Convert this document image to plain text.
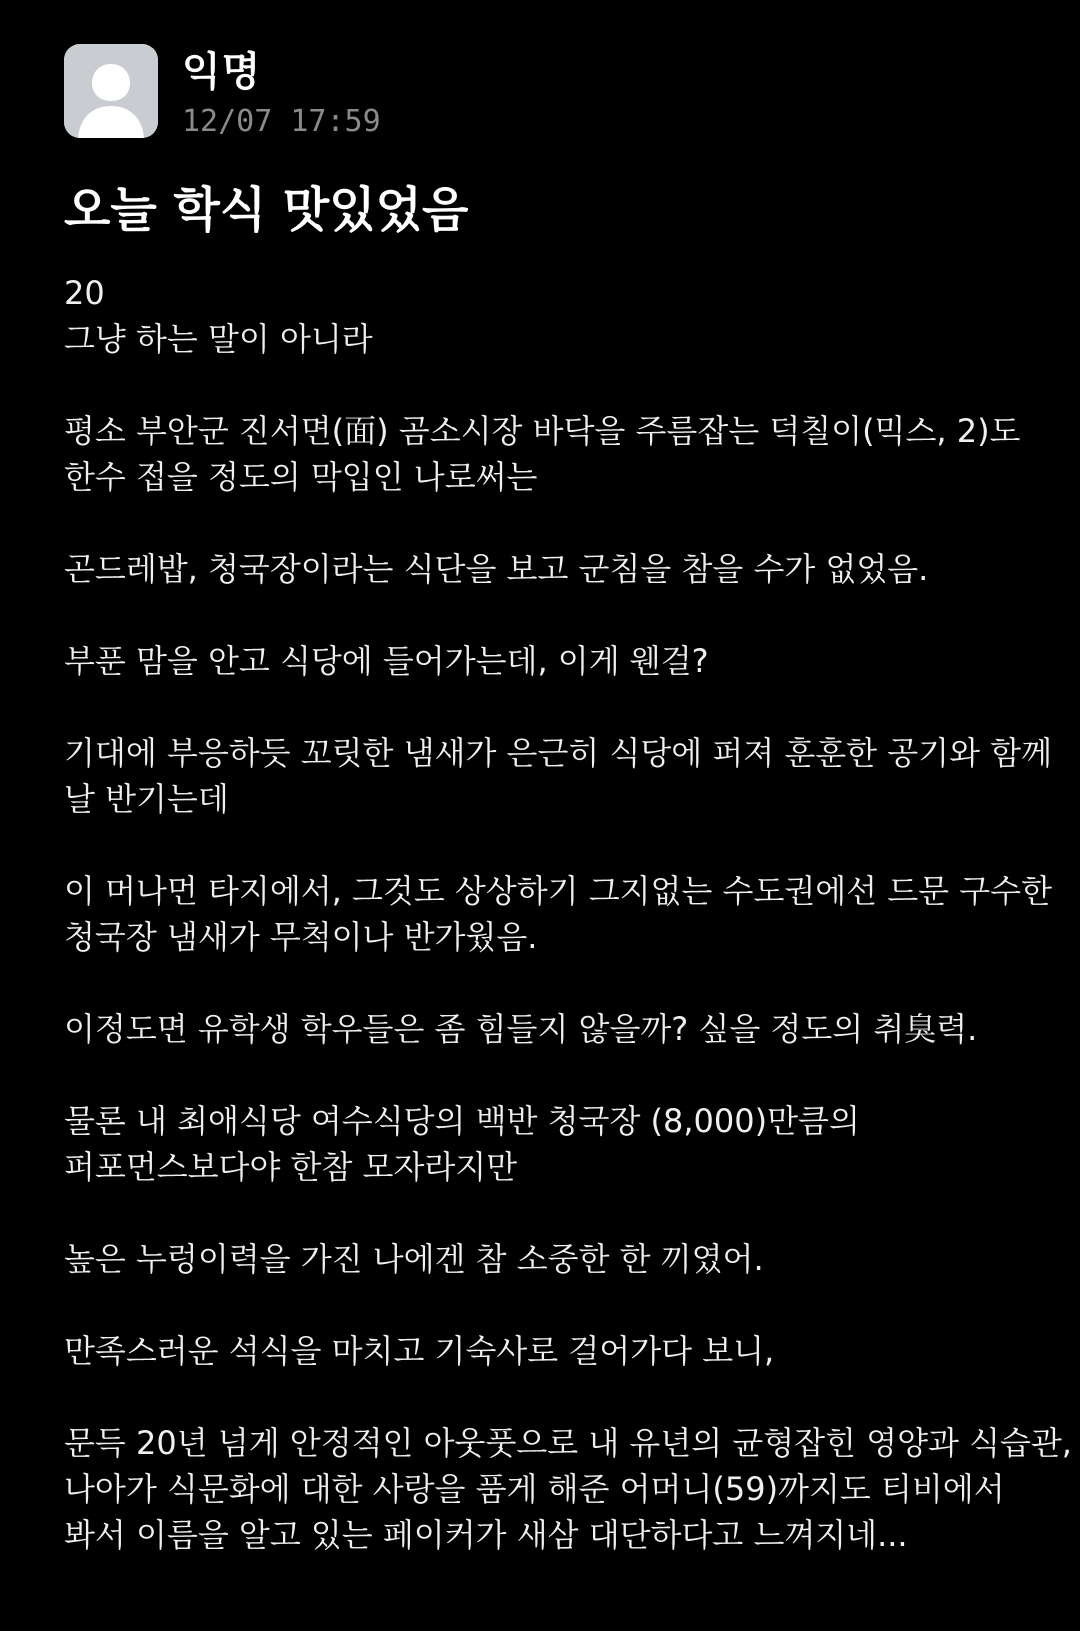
익명
12/07 17:59
오늘 학식 맛있었음
20
그냥 하는 말이 아니라
평소 부안군 진서면(面) 곰소시장 바닥을 주름잡는 덕칠이(믹스, 2)도
한수 접을 정도의 막입인 나로써는
곤드레밥, 청국장이라는 식단을 보고 군침을 참을 수가 없었음.
부푼 맘을 안고 식당에 들어가는데, 이게 웬걸?
기대에 부응하듯 꼬릿한 냄새가 은근히 식당에 퍼져 훈훈한 공기와 함께
날 반기는데
이 머나먼 타지에서, 그것도 상상하기 그지없는 수도권에선 드문 구수한
청국장 냄새가 무척이나 반가웠음.
이정도면 유학생 학우들은 좀 힘들지 않을까? 싶을 정도의 취臭력.
물론 내 최애식당 여수식당의 백반 청국장 (8,000)만큼의
퍼포먼스보다야 한참 모자라지만
높은 누렁이력을 가진 나에겐 참 소중한 한 끼였어.
만족스러운 석식을 마치고 기숙사로 걸어가다 보니,
문득 20년 넘게 안정적인 아웃풋으로 내 유년의 균형잡힌 영양과 식습관,
나아가 식문화에 대한 사랑을 품게 해준 어머니(59)까지도 티비에서
봐서 이름을 알고 있는 페이커가 새삼 대단하다고 느껴지네...
